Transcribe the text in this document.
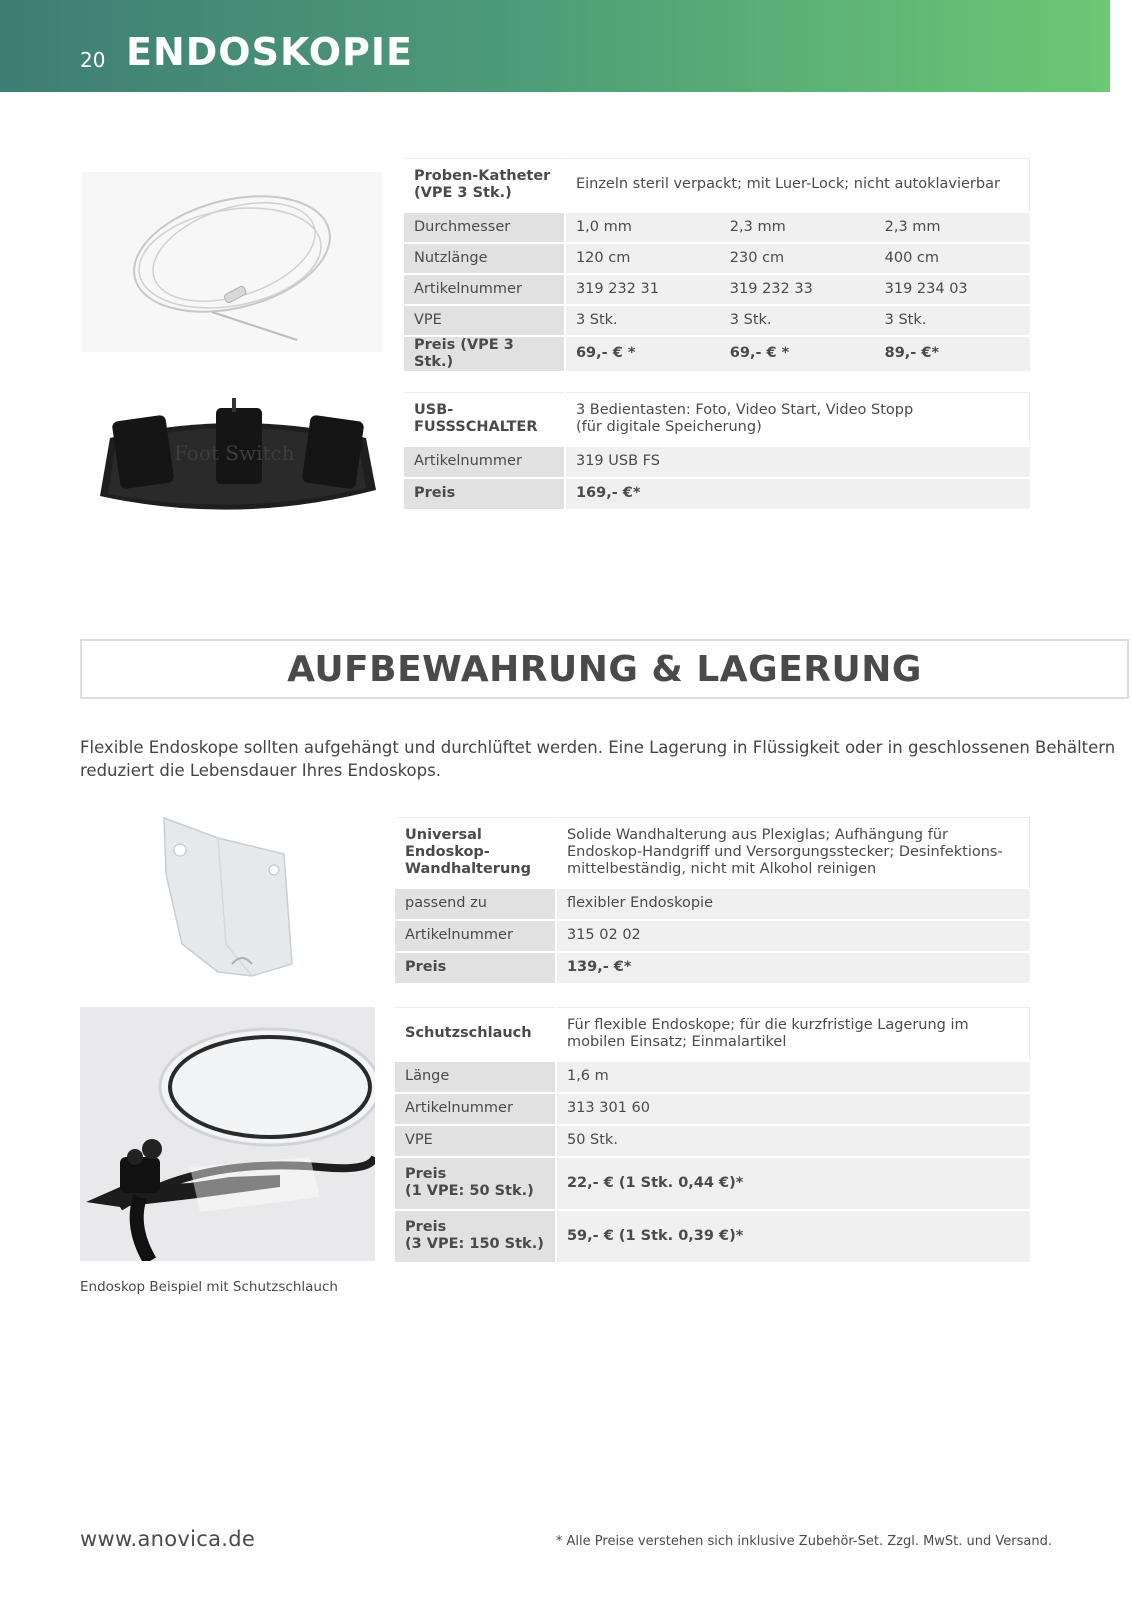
20 ENDOSKOPIE
Proben-Katheter
(VPE 3 Stk.)	Einzeln steril verpackt; mit Luer-Lock; nicht autoklavierbar		
Durchmesser	1,0 mm	2,3 mm	2,3 mm
Nutzlänge	120 cm	230 cm	400 cm
Artikelnummer	319 232 31	319 232 33	319 234 03
VPE	3 Stk.	3 Stk.	3 Stk.
Preis (VPE 3 Stk.)	69,- € *	69,- € *	89,- €*
Foot Switch
USB-
FUSSSCHALTER	3 Bedientasten: Foto, Video Start, Video Stopp
(für digitale Speicherung)
Artikelnummer	319 USB FS
Preis	169,- €*
AUFBEWAHRUNG & LAGERUNG
Flexible Endoskope sollten aufgehängt und durchlüftet werden. Eine Lagerung in Flüssigkeit oder in geschlossenen Behältern reduziert die Lebensdauer Ihres Endoskops.
Universal
Endoskop-
Wandhalterung	Solide Wandhalterung aus Plexiglas; Aufhängung für
Endoskop-Handgriff und Versorgungsstecker; Desinfektions-
mittelbeständig, nicht mit Alkohol reinigen
passend zu	flexibler Endoskopie
Artikelnummer	315 02 02
Preis	139,- €*
Schutzschlauch	Für flexible Endoskope; für die kurzfristige Lagerung im
mobilen Einsatz; Einmalartikel
Länge	1,6 m
Artikelnummer	313 301 60
VPE	50 Stk.
Preis
(1 VPE: 50 Stk.)	22,- € (1 Stk. 0,44 €)*
Preis
(3 VPE: 150 Stk.)	59,- € (1 Stk. 0,39 €)*
Endoskop Beispiel mit Schutzschlauch
www.anovica.de	* Alle Preise verstehen sich inklusive Zubehör-Set. Zzgl. MwSt. und Versand.
